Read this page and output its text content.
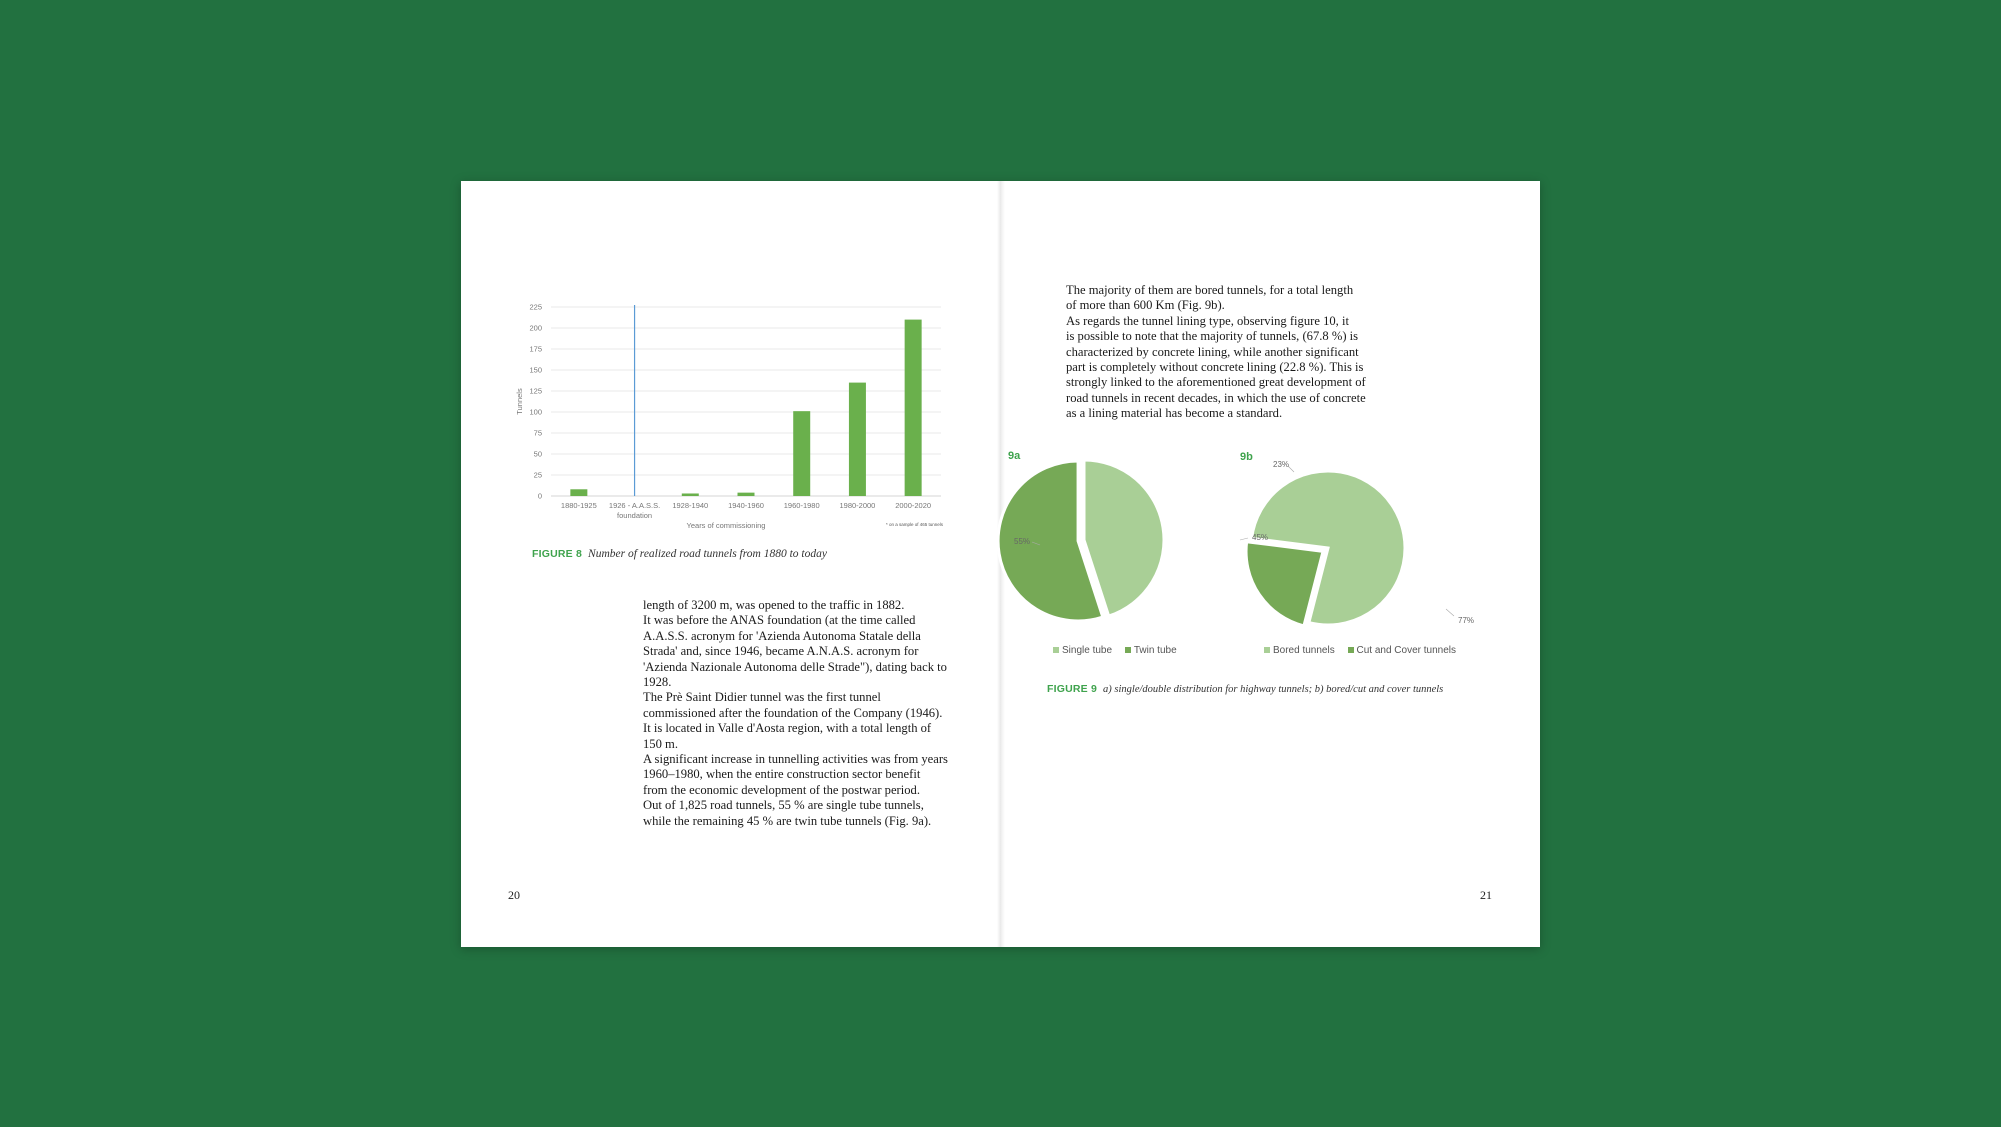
0
25
50
75
100
125
150
175
200
225
Tunnels
1880-1925 1926 - A.A.S.S.
foundation
1928-1940	1940-1960	1960-1980	1980-2000	2000-2020
Years of commissioning	* on a sample of 465 tunnels
FIGURE 8 Number of realized road tunnels from 1880 to today
length of 3200 m, was opened to the traffic in 1882.
It was before the ANAS foundation (at the time called
A.A.S.S. acronym for 'Azienda Autonoma Statale della
Strada' and, since 1946, became A.N.A.S. acronym for
'Azienda Nazionale Autonoma delle Strade"), dating back to
1928.
The Prè Saint Didier tunnel was the first tunnel
commissioned after the foundation of the Company (1946).
It is located in Valle d'Aosta region, with a total length of
150 m.
A significant increase in tunnelling activities was from years
1960–1980, when the entire construction sector benefit
from the economic development of the postwar period.
Out of 1,825 road tunnels, 55 % are single tube tunnels,
while the remaining 45 % are twin tube tunnels (Fig. 9a).
20
The majority of them are bored tunnels, for a total length
of more than 600 Km (Fig. 9b).
As regards the tunnel lining type, observing figure 10, it
is possible to note that the majority of tunnels, (67.8 %) is
characterized by concrete lining, while another significant
part is completely without concrete lining (22.8 %). This is
strongly linked to the aforementioned great development of
road tunnels in recent decades, in which the use of concrete
as a lining material has become a standard.
9a	9b
55%	45%
23%
77%
Single tube Twin tube	Bored tunnels Cut and Cover tunnels
FIGURE 9 a) single/double distribution for highway tunnels; b) bored/cut and cover tunnels
21
